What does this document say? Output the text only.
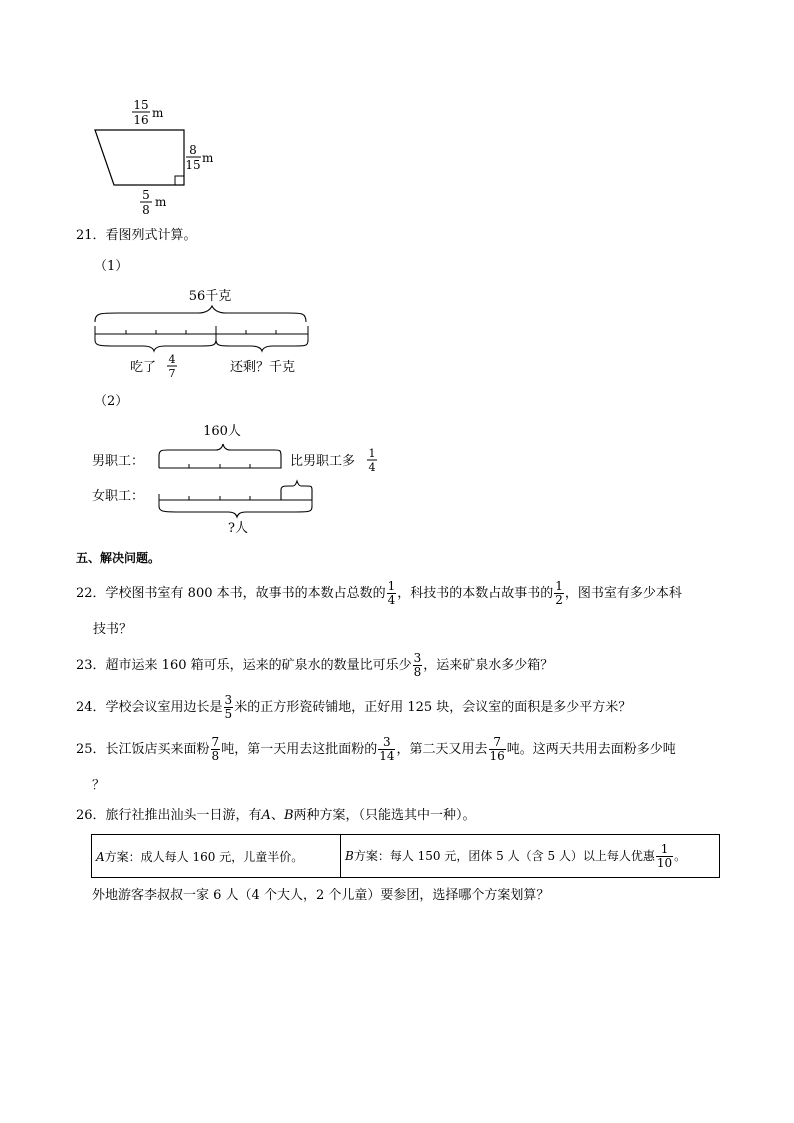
15
16 m
8
15 m
5
8
m
21．看图列式计算。
（1）
56千克
吃了
4
7	还剩？千克
（2）
160人
男职工：	比男职工多
1
4
女职工：
?人
五、解决问题。
22．学校图书室有 800 本书，故事书的本数占总数的 $\frac{1}{4}$ ，科技书的本数占故事书的 $\frac{1}{2}$ ，图书室有多少本科
技书？
23．超市运来 160 箱可乐，运来的矿泉水的数量比可乐少 $\frac{3}{8}$ ，运来矿泉水多少箱？
24．学校会议室用边长是 $\frac{3}{5}$ 米的正方形瓷砖铺地，正好用 125 块，会议室的面积是多少平方米？
25．长江饭店买来面粉 $\frac{7}{8}$ 吨，第一天用去这批面粉的 $\frac{3}{14}$ ，第二天又用去 $\frac{7}{16}$ 吨。这两天共用去面粉多少吨
？
26．旅行社推出汕头一日游，有A、B两种方案，（只能选其中一种）。
A方案：成人每人 160 元，儿童半价。	B方案：每人 150 元，团体 5 人（含 5 人）以上每人优惠 $\frac{1}{10}$ 。
外地游客李叔叔一家 6 人（4 个大人，2 个儿童）要参团，选择哪个方案划算？
